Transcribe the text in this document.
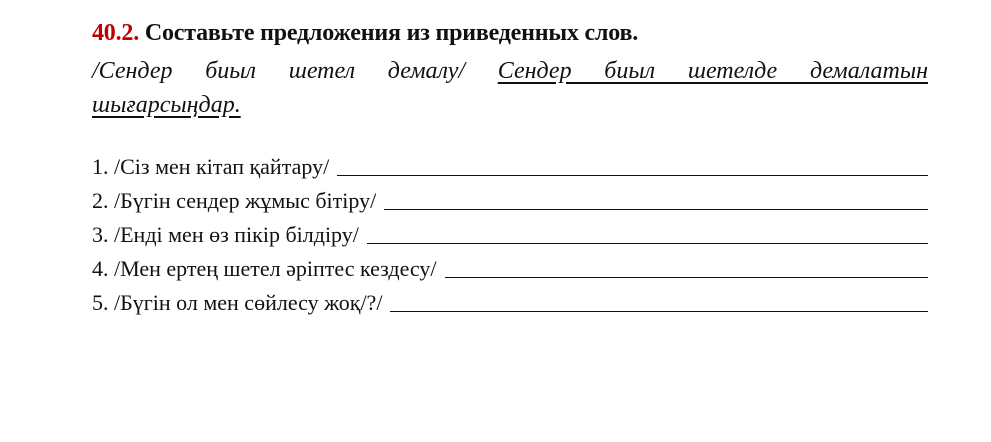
40.2. Составьте предложения из приведенных слов.
/Сендер биыл шетел демалу/ Сендер биыл шетелде демалатын
шығарсыңдар.
1. /Сіз мен кітап қайтару/
2. /Бүгін сендер жұмыс бітіру/
3. /Енді мен өз пікір білдіру/
4. /Мен ертең шетел әріптес кездесу/
5. /Бүгін ол мен сөйлесу жоқ/?/
